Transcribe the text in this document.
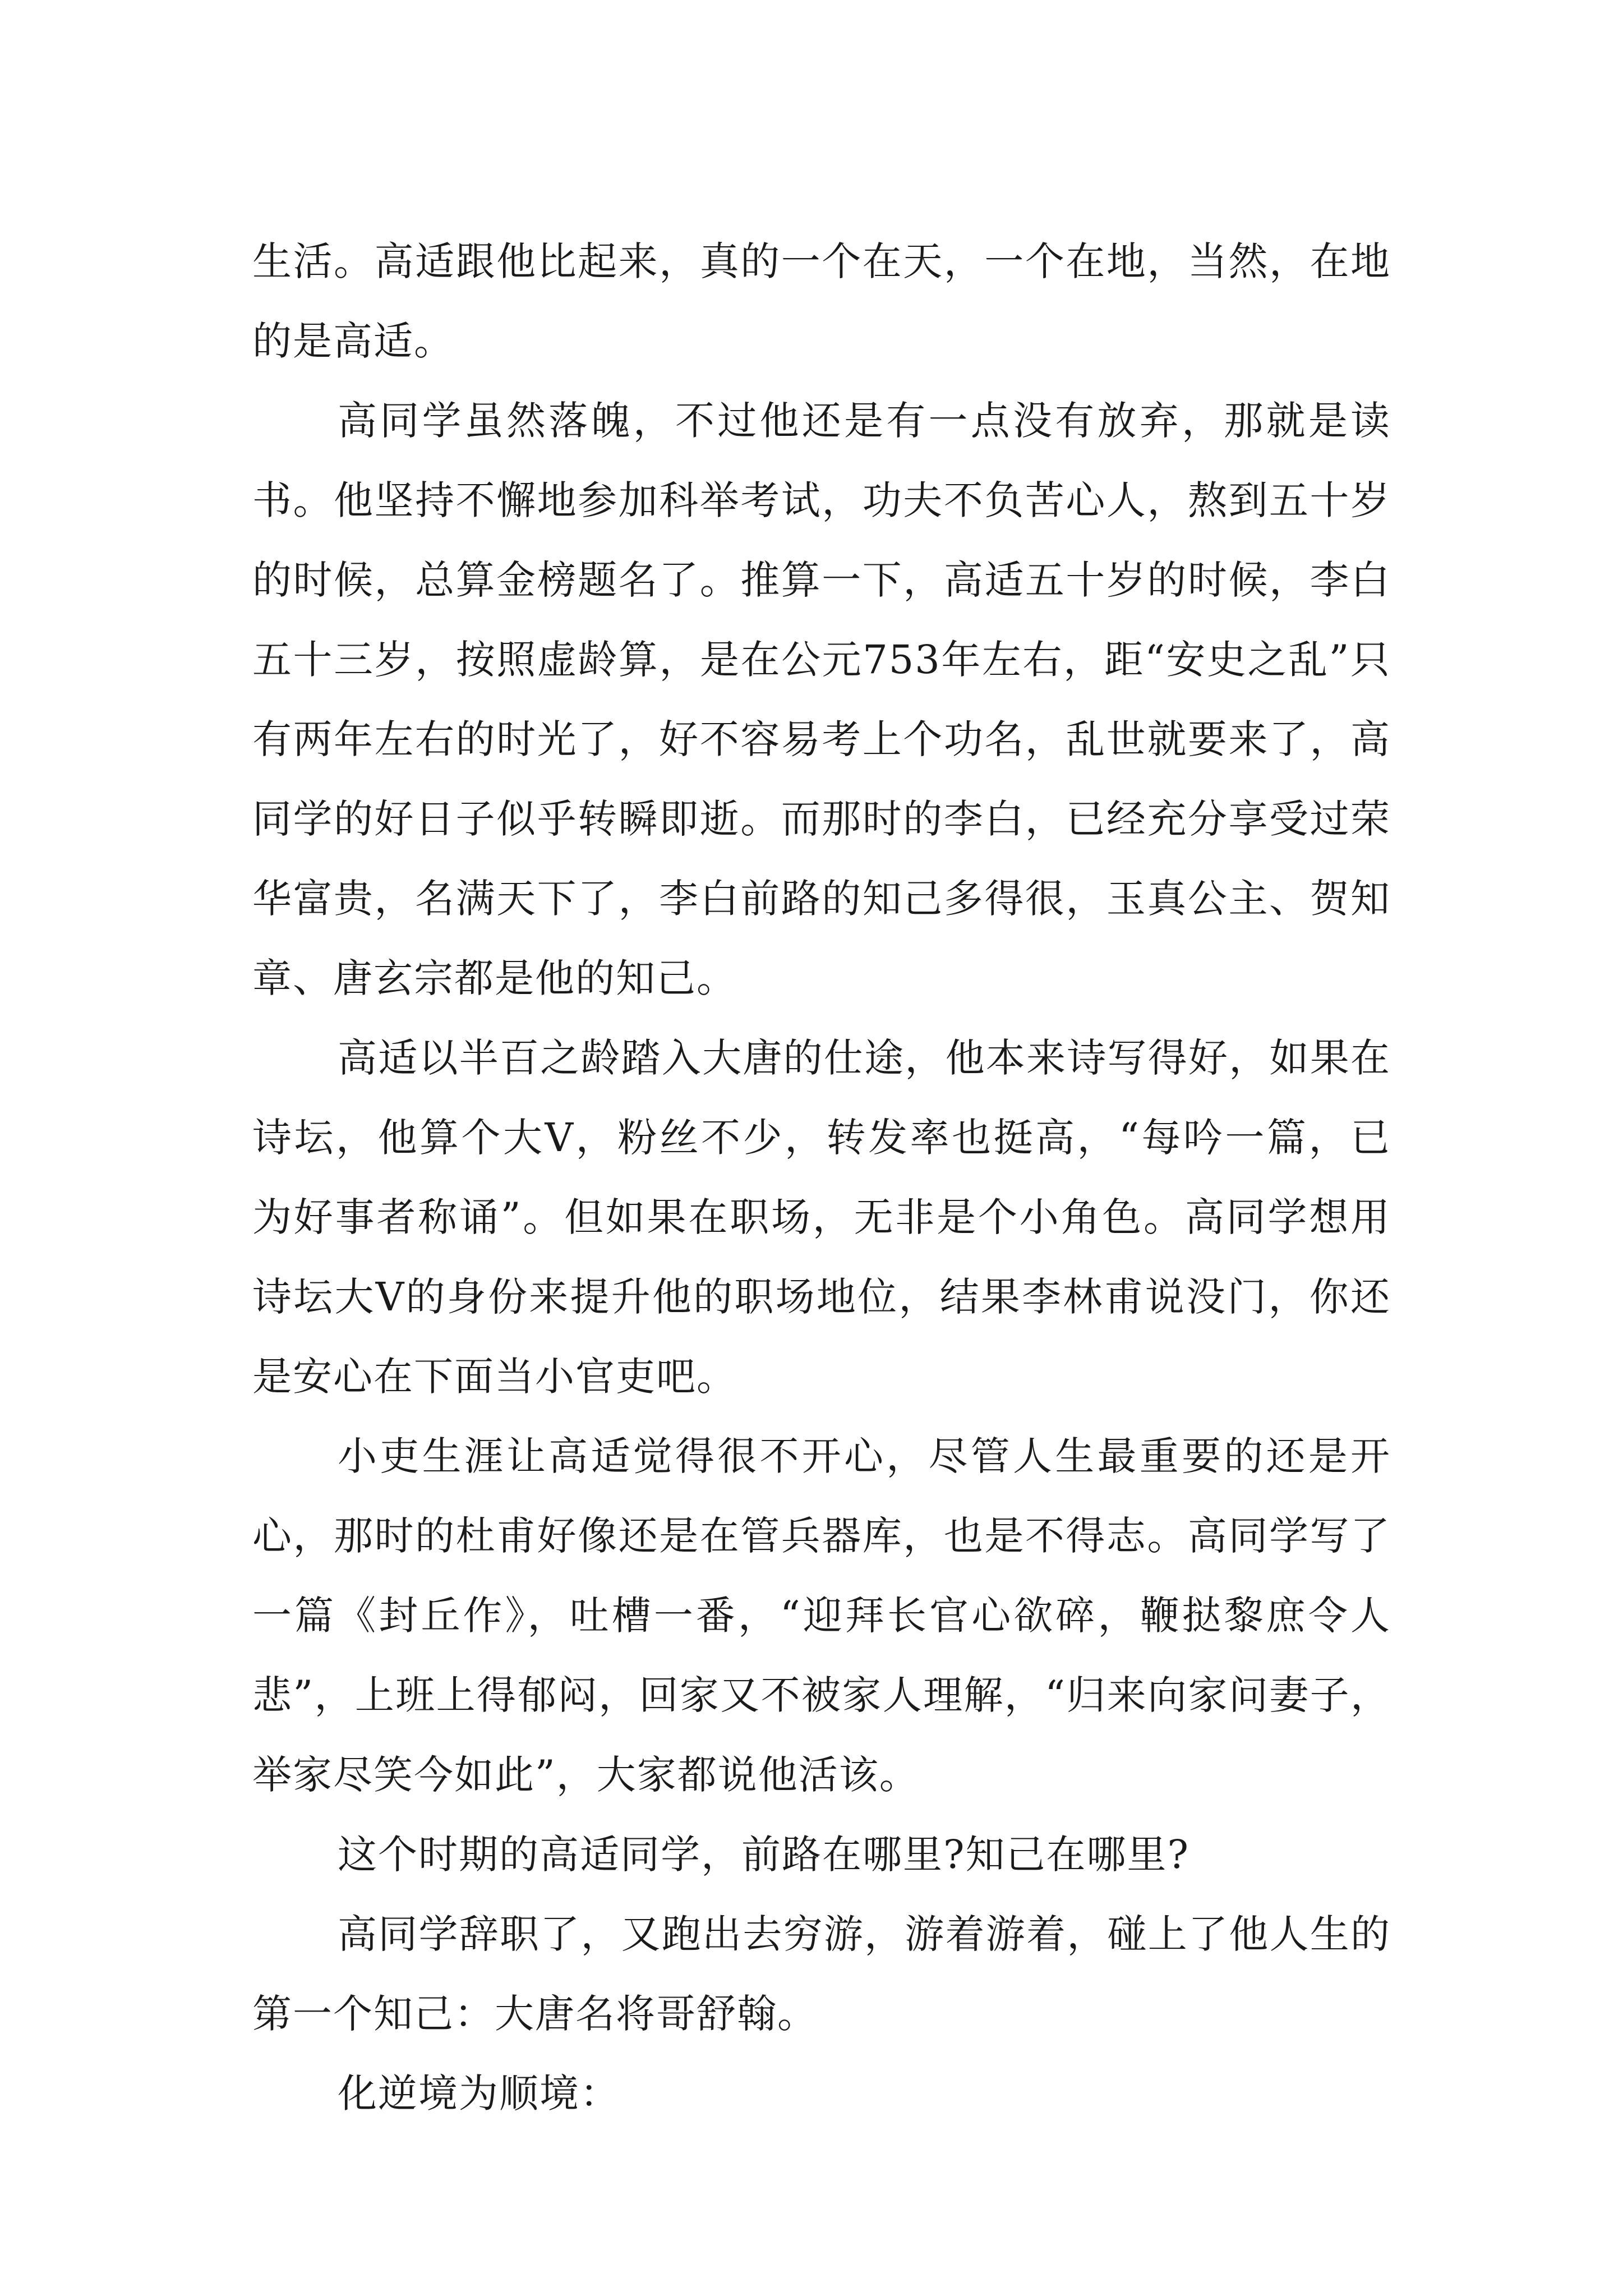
生活。高适跟他比起来，真的一个在天，一个在地，当然，在地的是高适。

高同学虽然落魄，不过他还是有一点没有放弃，那就是读书。他坚持不懈地参加科举考试，功夫不负苦心人，熬到五十岁的时候，总算金榜题名了。推算一下，高适五十岁的时候，李白五十三岁，按照虚龄算，是在公元753年左右，距“安史之乱”只有两年左右的时光了，好不容易考上个功名，乱世就要来了，高同学的好日子似乎转瞬即逝。而那时的李白，已经充分享受过荣华富贵，名满天下了，李白前路的知己多得很，玉真公主、贺知章、唐玄宗都是他的知己。

高适以半百之龄踏入大唐的仕途，他本来诗写得好，如果在诗坛，他算个大V，粉丝不少，转发率也挺高，“每吟一篇，已为好事者称诵”。但如果在职场，无非是个小角色。高同学想用诗坛大V的身份来提升他的职场地位，结果李林甫说没门，你还是安心在下面当小官吏吧。

小吏生涯让高适觉得很不开心，尽管人生最重要的还是开心，那时的杜甫好像还是在管兵器库，也是不得志。高同学写了一篇《封丘作》，吐槽一番，“迎拜长官心欲碎，鞭挞黎庶令人悲”，上班上得郁闷，回家又不被家人理解，“归来向家问妻子，举家尽笑今如此”，大家都说他活该。

这个时期的高适同学，前路在哪里?知己在哪里?

高同学辞职了，又跑出去穷游，游着游着，碰上了他人生的第一个知己：大唐名将哥舒翰。

化逆境为顺境：
